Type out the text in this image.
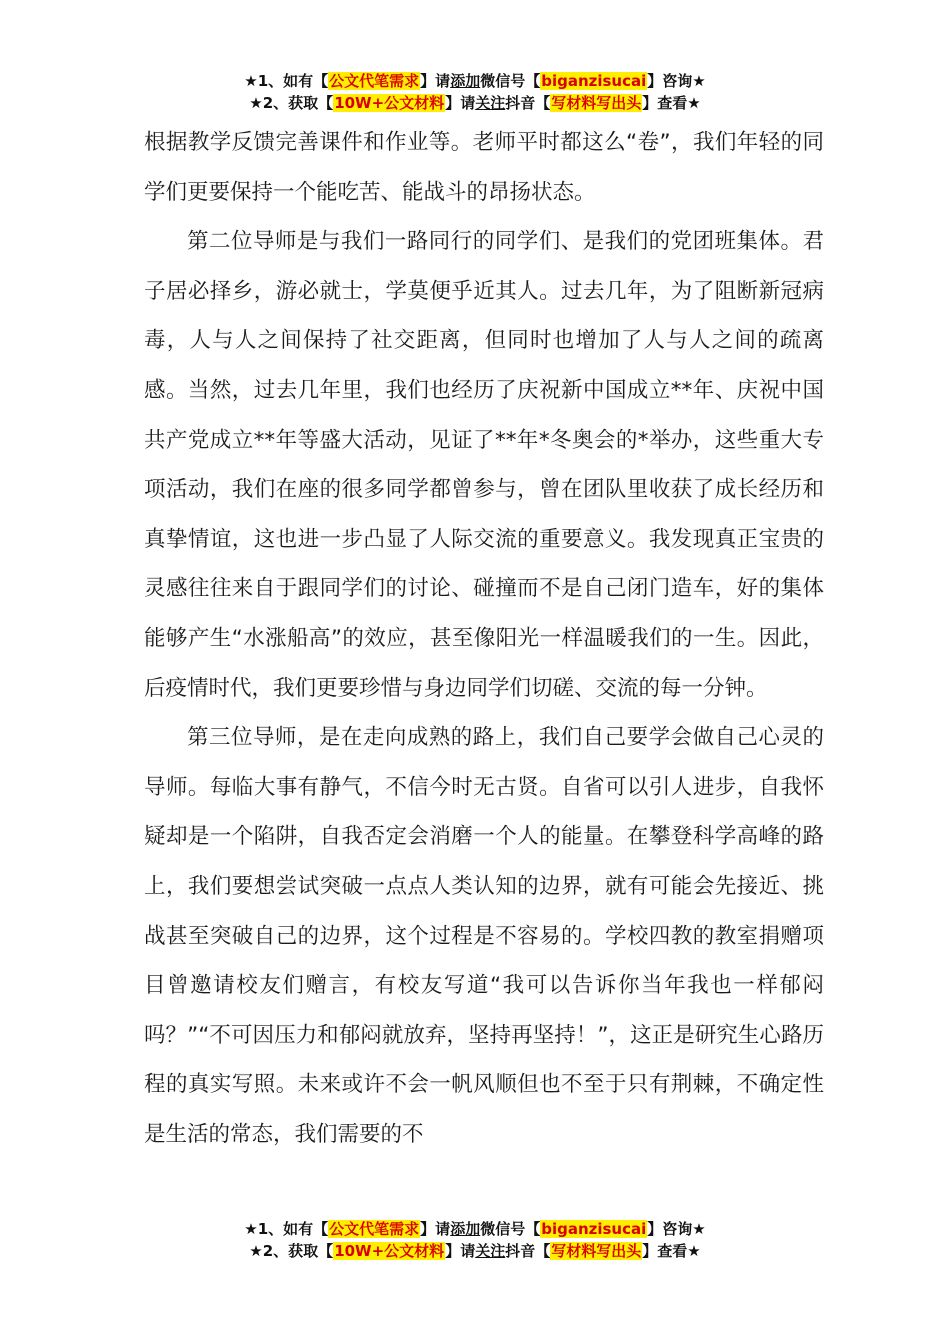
★1、如有【公文代笔需求】请添加微信号【biganzisucai】咨询★
★2、获取【10W+公文材料】请关注抖音【写材料写出头】查看★

根据教学反馈完善课件和作业等。老师平时都这么“卷”，我们年轻的同学们更要保持一个能吃苦、能战斗的昂扬状态。

第二位导师是与我们一路同行的同学们、是我们的党团班集体。君子居必择乡，游必就士，学莫便乎近其人。过去几年，为了阻断新冠病毒，人与人之间保持了社交距离，但同时也增加了人与人之间的疏离感。当然，过去几年里，我们也经历了庆祝新中国成立**年、庆祝中国共产党成立**年等盛大活动，见证了**年*冬奥会的*举办，这些重大专项活动，我们在座的很多同学都曾参与，曾在团队里收获了成长经历和真挚情谊，这也进一步凸显了人际交流的重要意义。我发现真正宝贵的灵感往往来自于跟同学们的讨论、碰撞而不是自己闭门造车，好的集体能够产生“水涨船高”的效应，甚至像阳光一样温暖我们的一生。因此，后疫情时代，我们更要珍惜与身边同学们切磋、交流的每一分钟。

第三位导师，是在走向成熟的路上，我们自己要学会做自己心灵的导师。每临大事有静气，不信今时无古贤。自省可以引人进步，自我怀疑却是一个陷阱，自我否定会消磨一个人的能量。在攀登科学高峰的路上，我们要想尝试突破一点点人类认知的边界，就有可能会先接近、挑战甚至突破自己的边界，这个过程是不容易的。学校四教的教室捐赠项目曾邀请校友们赠言，有校友写道“我可以告诉你当年我也一样郁闷吗？”“不可因压力和郁闷就放弃，坚持再坚持！”，这正是研究生心路历程的真实写照。未来或许不会一帆风顺但也不至于只有荆棘，不确定性是生活的常态，我们需要的不

★1、如有【公文代笔需求】请添加微信号【biganzisucai】咨询★
★2、获取【10W+公文材料】请关注抖音【写材料写出头】查看★
